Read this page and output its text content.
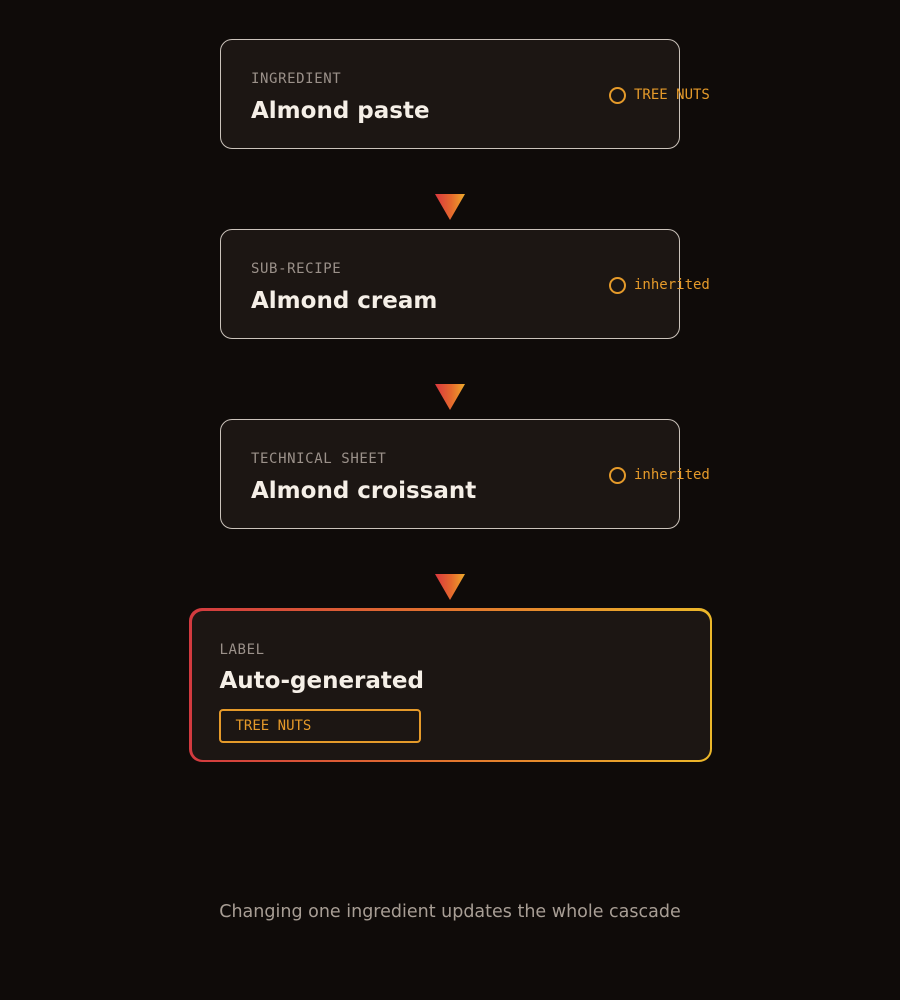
INGREDIENT
Almond paste
TREE NUTS
SUB-RECIPE
Almond cream
inherited
TECHNICAL SHEET
Almond croissant
inherited
LABEL
Auto-generated
TREE NUTS
Changing one ingredient updates the whole cascade
